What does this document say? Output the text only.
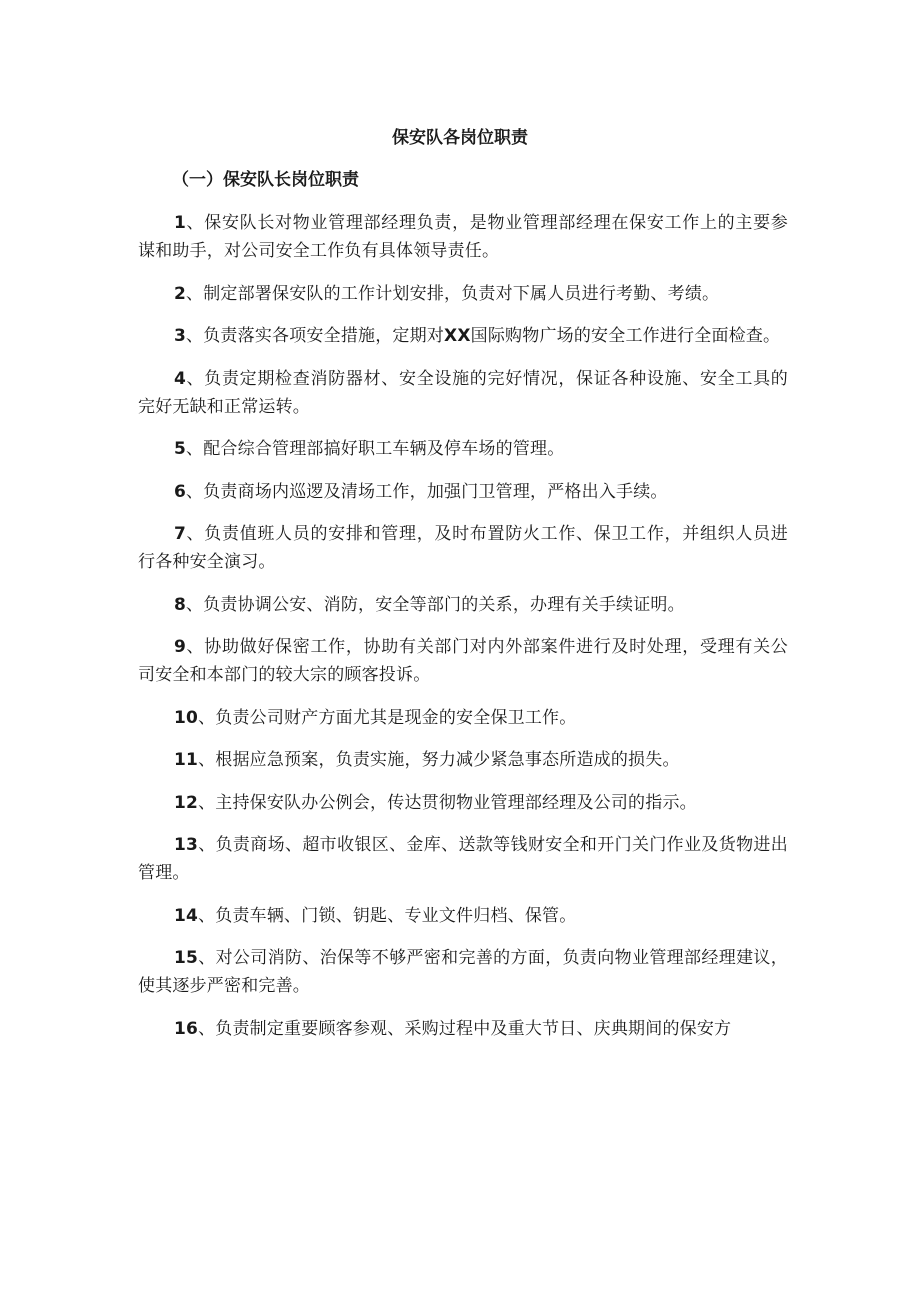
保安队各岗位职责
（一）保安队长岗位职责

1、保安队长对物业管理部经理负责，是物业管理部经理在保安工作上的主要参谋和助手，对公司安全工作负有具体领导责任。

2、制定部署保安队的工作计划安排，负责对下属人员进行考勤、考绩。

3、负责落实各项安全措施，定期对XX国际购物广场的安全工作进行全面检查。

4、负责定期检查消防器材、安全设施的完好情况，保证各种设施、安全工具的完好无缺和正常运转。

5、配合综合管理部搞好职工车辆及停车场的管理。

6、负责商场内巡逻及清场工作，加强门卫管理，严格出入手续。

7、负责值班人员的安排和管理，及时布置防火工作、保卫工作，并组织人员进行各种安全演习。

8、负责协调公安、消防，安全等部门的关系，办理有关手续证明。

9、协助做好保密工作，协助有关部门对内外部案件进行及时处理，受理有关公司安全和本部门的较大宗的顾客投诉。

10、负责公司财产方面尤其是现金的安全保卫工作。

11、根据应急预案，负责实施，努力减少紧急事态所造成的损失。

12、主持保安队办公例会，传达贯彻物业管理部经理及公司的指示。

13、负责商场、超市收银区、金库、送款等钱财安全和开门关门作业及货物进出管理。

14、负责车辆、门锁、钥匙、专业文件归档、保管。

15、对公司消防、治保等不够严密和完善的方面，负责向物业管理部经理建议，使其逐步严密和完善。

16、负责制定重要顾客参观、采购过程中及重大节日、庆典期间的保安方
